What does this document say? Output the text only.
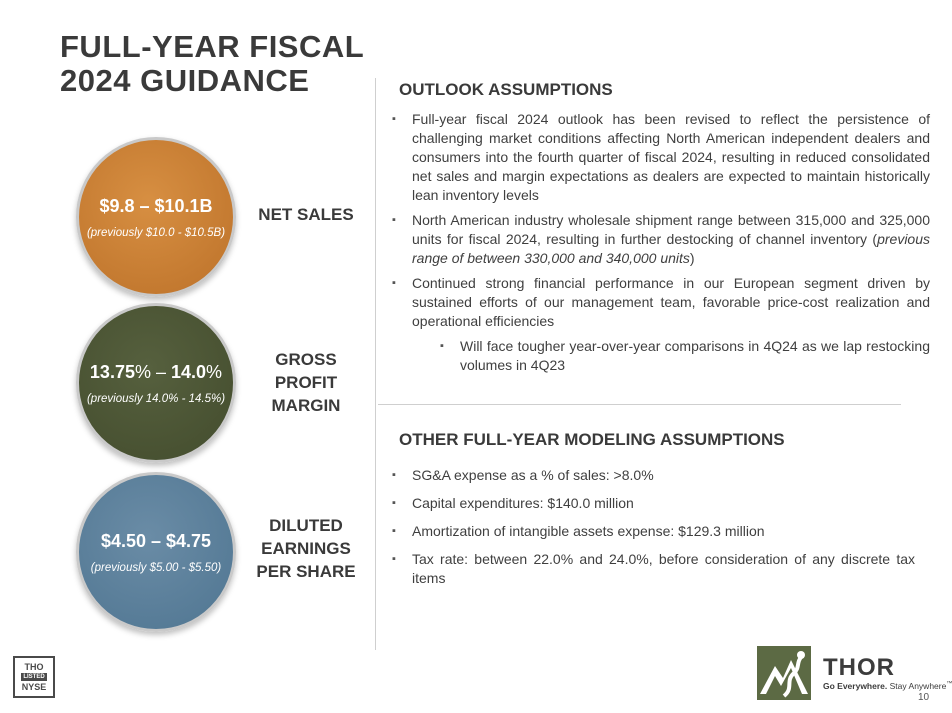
FULL-YEAR FISCAL
2024 GUIDANCE
$9.8 – $10.1B
(previously $10.0 - $10.5B)
NET SALES
13.75% – 14.0%
(previously 14.0% - 14.5%)
GROSS
PROFIT
MARGIN
$4.50 – $4.75
(previously $5.00 - $5.50)
DILUTED
EARNINGS
PER SHARE
OUTLOOK ASSUMPTIONS
▪ Full-year fiscal 2024 outlook has been revised to reflect the persistence of challenging market conditions affecting North American independent dealers and consumers into the fourth quarter of fiscal 2024, resulting in reduced consolidated net sales and margin expectations as dealers are expected to maintain historically lean inventory levels
▪ North American industry wholesale shipment range between 315,000 and 325,000 units for fiscal 2024, resulting in further destocking of channel inventory (previous range of between 330,000 and 340,000 units)
▪ Continued strong financial performance in our European segment driven by sustained efforts of our management team, favorable price-cost realization and operational efficiencies
▪ Will face tougher year-over-year comparisons in 4Q24 as we lap restocking volumes in 4Q23
OTHER FULL-YEAR MODELING ASSUMPTIONS
▪ SG&A expense as a % of sales: >8.0%
▪ Capital expenditures: $140.0 million
▪ Amortization of intangible assets expense: $129.3 million
▪ Tax rate: between 22.0% and 24.0%, before consideration of any discrete tax items
THO
LISTED
NYSE
THOR
Go Everywhere. Stay Anywhere™
10
